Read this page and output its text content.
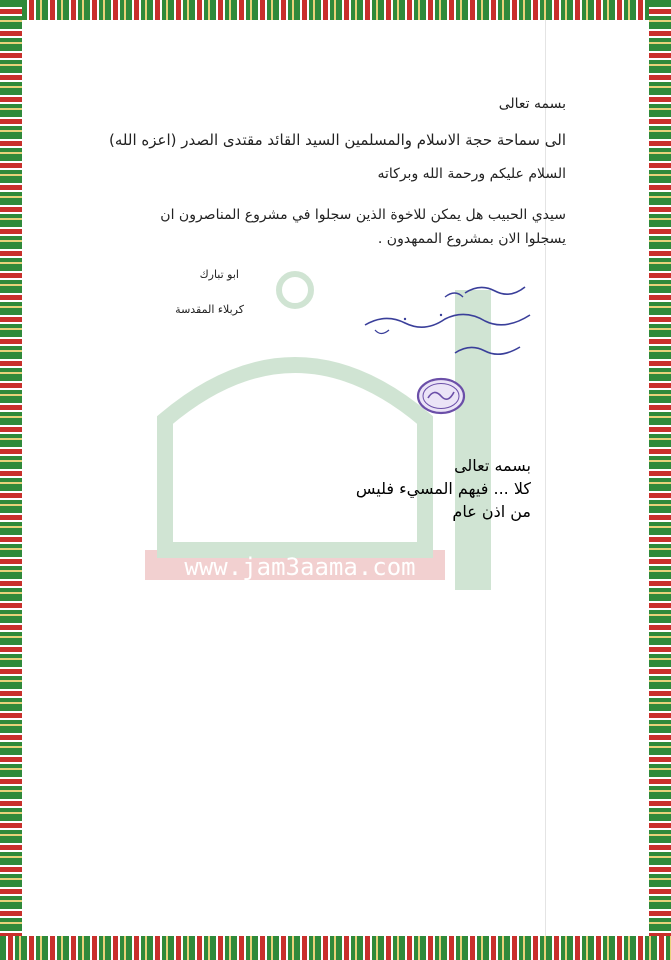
www.jam3aama.com
بسمه تعالى
الى سماحة حجة الاسلام والمسلمين السيد القائد مقتدى الصدر (اعزه الله)
السلام عليكم ورحمة الله وبركاته
سيدي الحبيب هل يمكن للاخوة الذين سجلوا في مشروع المناصرون ان يسجلوا الان بمشروع الممهدون .
ابو تبارك
كربلاء المقدسة
بسمه تعالى
كلا ... فيهم المسيء فليس
من اذن عام
